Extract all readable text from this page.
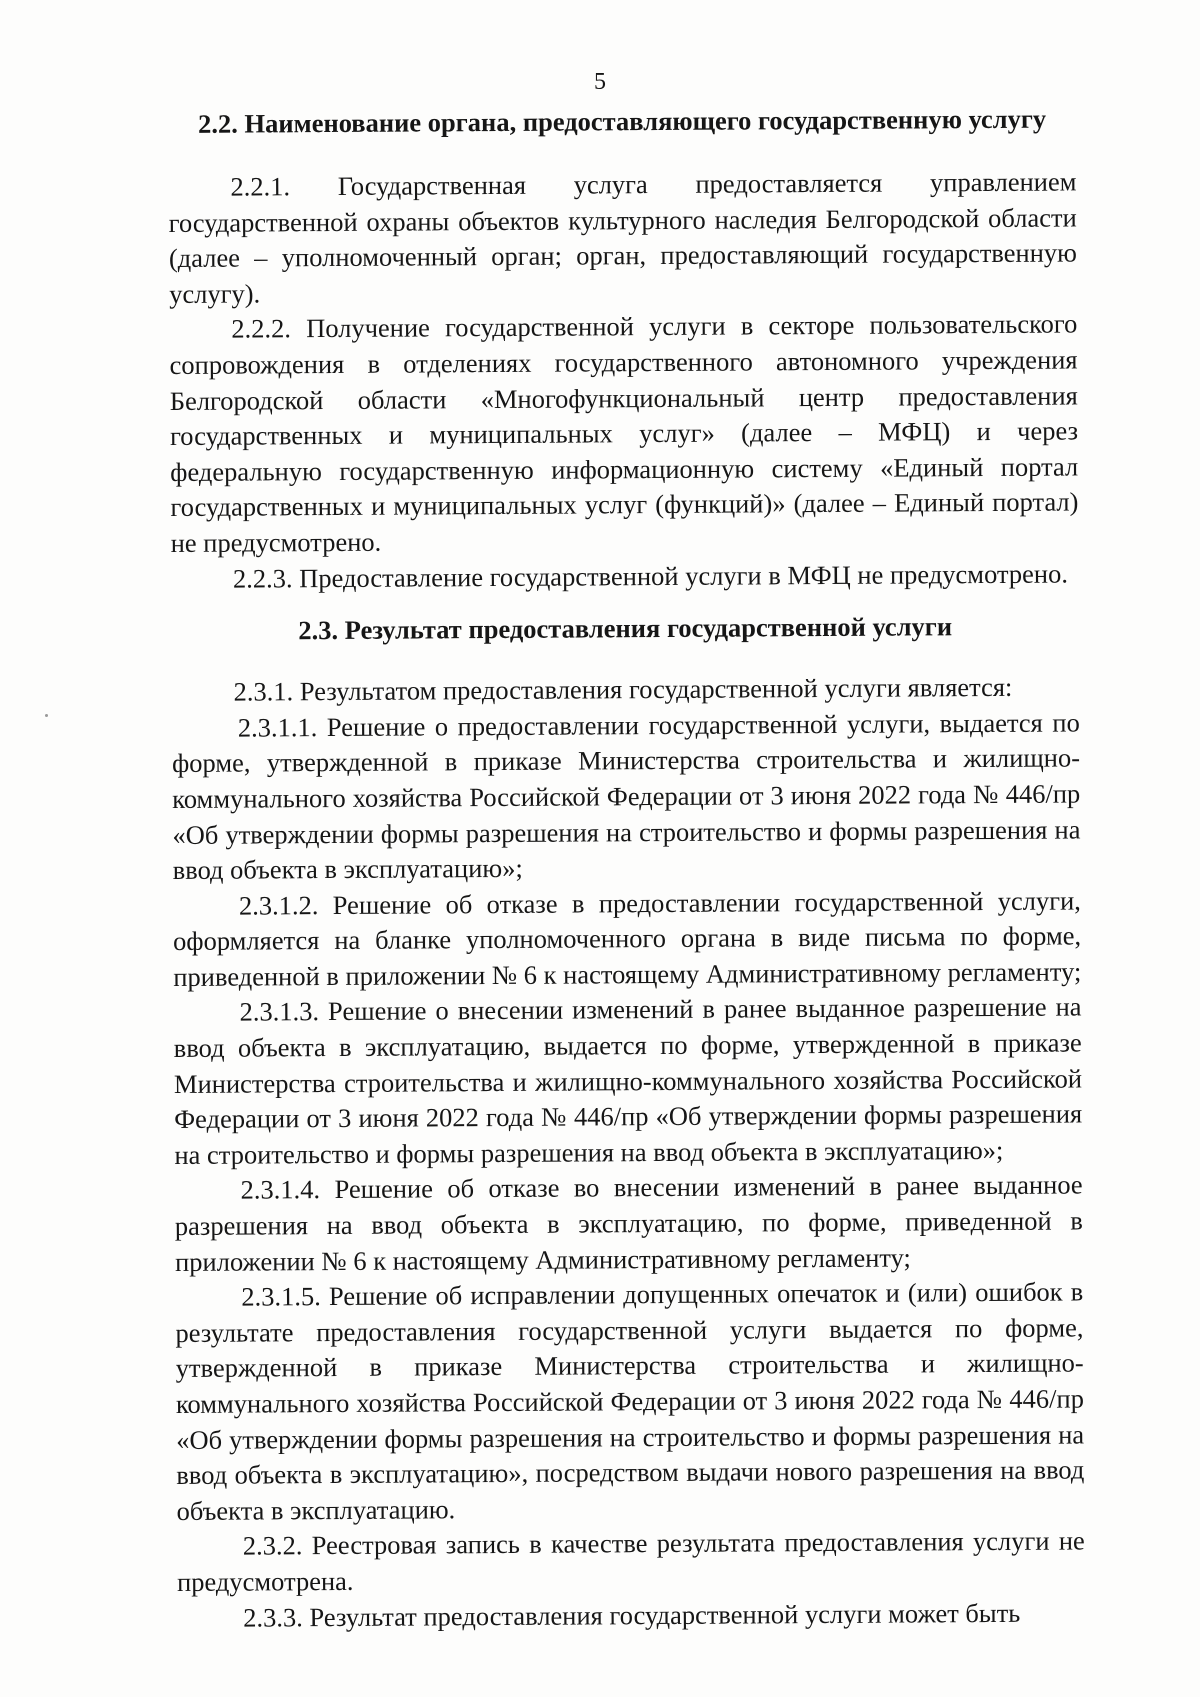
5
2.2. Наименование органа, предоставляющего государственную услугу

2.2.1. Государственная услуга предоставляется управлением государственной охраны объектов культурного наследия Белгородской области (далее – уполномоченный орган; орган, предоставляющий государственную услугу).

2.2.2. Получение государственной услуги в секторе пользовательского сопровождения в отделениях государственного автономного учреждения Белгородской области «Многофункциональный центр предоставления государственных и муниципальных услуг» (далее – МФЦ) и через федеральную государственную информационную систему «Единый портал государственных и муниципальных услуг (функций)» (далее – Единый портал) не предусмотрено.

2.2.3. Предоставление государственной услуги в МФЦ не предусмотрено.

2.3. Результат предоставления государственной услуги

2.3.1. Результатом предоставления государственной услуги является:

2.3.1.1. Решение о предоставлении государственной услуги, выдается по форме, утвержденной в приказе Министерства строительства и жилищно-коммунального хозяйства Российской Федерации от 3 июня 2022 года № 446/пр «Об утверждении формы разрешения на строительство и формы разрешения на ввод объекта в эксплуатацию»;

2.3.1.2. Решение об отказе в предоставлении государственной услуги, оформляется на бланке уполномоченного органа в виде письма по форме, приведенной в приложении № 6 к настоящему Административному регламенту;

2.3.1.3. Решение о внесении изменений в ранее выданное разрешение на ввод объекта в эксплуатацию, выдается по форме, утвержденной в приказе Министерства строительства и жилищно-коммунального хозяйства Российской Федерации от 3 июня 2022 года № 446/пр «Об утверждении формы разрешения на строительство и формы разрешения на ввод объекта в эксплуатацию»;

2.3.1.4. Решение об отказе во внесении изменений в ранее выданное разрешения на ввод объекта в эксплуатацию, по форме, приведенной в приложении № 6 к настоящему Административному регламенту;

2.3.1.5. Решение об исправлении допущенных опечаток и (или) ошибок в результате предоставления государственной услуги выдается по форме, утвержденной в приказе Министерства строительства и жилищно-коммунального хозяйства Российской Федерации от 3 июня 2022 года № 446/пр «Об утверждении формы разрешения на строительство и формы разрешения на ввод объекта в эксплуатацию», посредством выдачи нового разрешения на ввод объекта в эксплуатацию.

2.3.2. Реестровая запись в качестве результата предоставления услуги не предусмотрена.

2.3.3. Результат предоставления государственной услуги может быть
